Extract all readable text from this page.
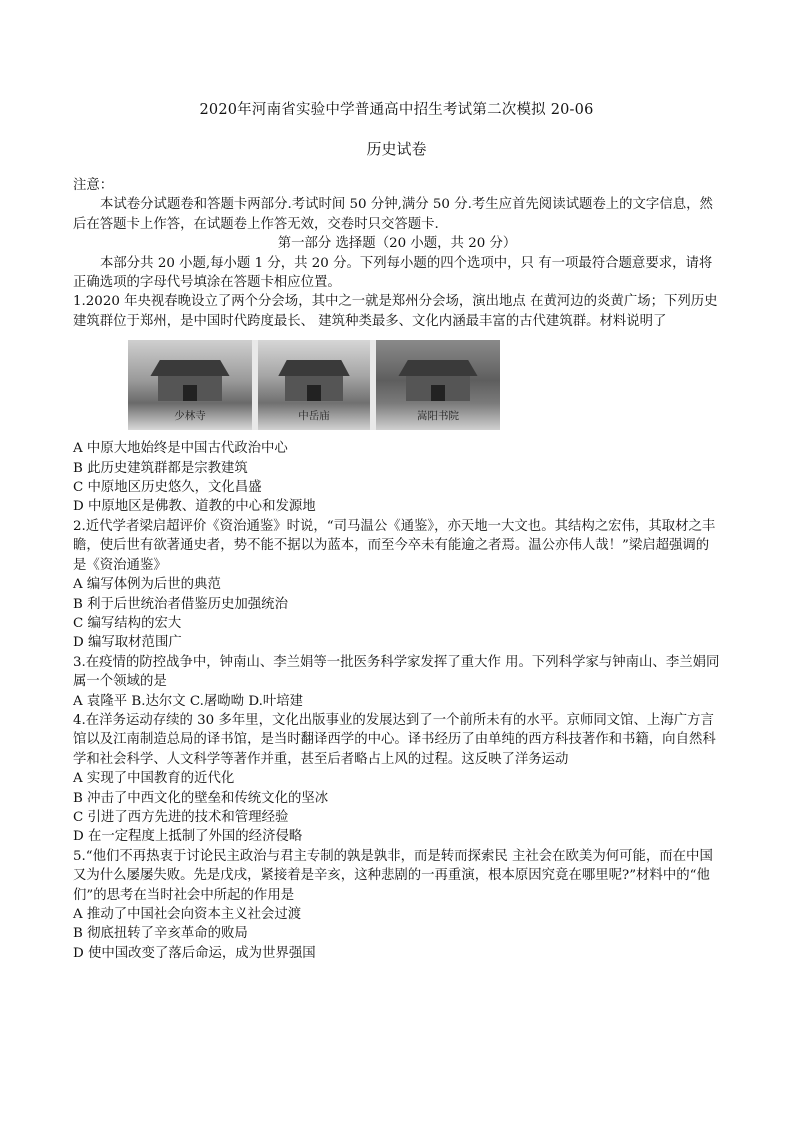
2020年河南省实验中学普通高中招生考试第二次模拟 20-06
历史试卷

注意：

本试卷分试题卷和答题卡两部分.考试时间 50 分钟,满分 50 分.考生应首先阅读试题卷上的文字信息，然后在答题卡上作答，在试题卷上作答无效，交卷时只交答题卡.

第一部分 选择题（20 小题，共 20 分）

本部分共 20 小题,每小题 1 分，共 20 分。下列每小题的四个选项中，只 有一项最符合题意要求，请将正确选项的字母代号填涂在答题卡相应位置。

1.2020 年央视春晚设立了两个分会场，其中之一就是郑州分会场，演出地点 在黄河边的炎黄广场；下列历史建筑群位于郑州，是中国时代跨度最长、 建筑种类最多、文化内涵最丰富的古代建筑群。材料说明了

少林寺	中岳庙	嵩阳书院

A 中原大地始终是中国古代政治中心

B 此历史建筑群都是宗教建筑

C 中原地区历史悠久，文化昌盛

D 中原地区是佛教、道教的中心和发源地

2.近代学者梁启超评价《资治通鉴》时说，“司马温公《通鉴》，亦天地一大文也。其结构之宏伟，其取材之丰瞻，使后世有欲著通史者，势不能不据以为蓝本，而至今卒未有能逾之者焉。温公亦伟人哉！”梁启超强调的是《资治通鉴》

A 编写体例为后世的典范

B 利于后世统治者借鉴历史加强统治

C 编写结构的宏大

D 编写取材范围广

3.在疫情的防控战争中，钟南山、李兰娟等一批医务科学家发挥了重大作 用。下列科学家与钟南山、李兰娟同属一个领域的是

A 袁隆平 B.达尔文 C.屠呦呦 D.叶培建

4.在洋务运动存续的 30 多年里，文化出版事业的发展达到了一个前所未有的水平。京师同文馆、上海广方言馆以及江南制造总局的译书馆，是当时翻译西学的中心。译书经历了由单纯的西方科技著作和书籍，向自然科 学和社会科学、人文科学等著作并重，甚至后者略占上风的过程。这反映了洋务运动

A 实现了中国教育的近代化

B 冲击了中西文化的壁垒和传统文化的坚冰

C 引进了西方先进的技术和管理经验

D 在一定程度上抵制了外国的经济侵略

5.“他们不再热衷于讨论民主政治与君主专制的孰是孰非，而是转而探索民 主社会在欧美为何可能，而在中国又为什么屡屡失败。先是戊戌，紧接着是辛亥，这种悲剧的一再重演，根本原因究竟在哪里呢?”材料中的“他们”的思考在当时社会中所起的作用是

A 推动了中国社会向资本主义社会过渡

B 彻底扭转了辛亥革命的败局

D 使中国改变了落后命运，成为世界强国
